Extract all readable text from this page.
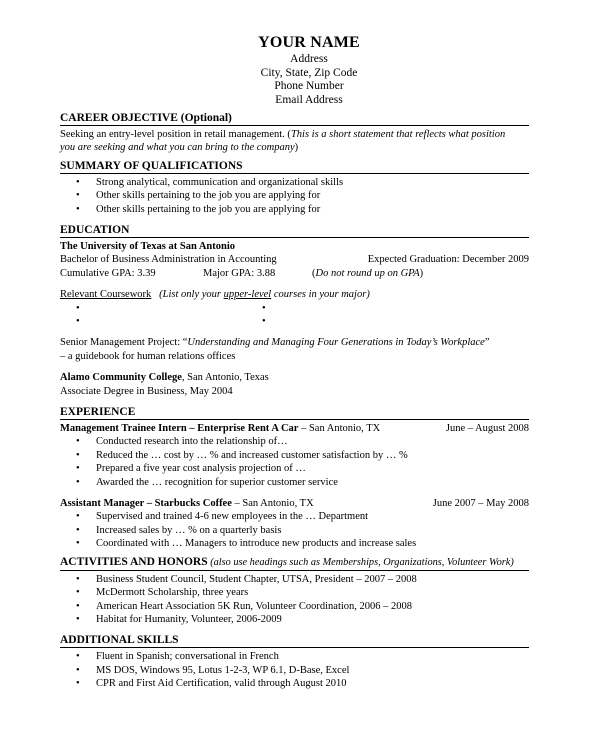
YOUR NAME
Address
City, State, Zip Code
Phone Number
Email Address
CAREER OBJECTIVE (Optional)
Seeking an entry-level position in retail management. (This is a short statement that reflects what position
you are seeking and what you can bring to the company)
SUMMARY OF QUALIFICATIONS
• Strong analytical, communication and organizational skills
• Other skills pertaining to the job you are applying for
• Other skills pertaining to the job you are applying for
EDUCATION
The University of Texas at San Antonio
Bachelor of Business Administration in Accounting	Expected Graduation: December 2009
Cumulative GPA: 3.39	Major GPA: 3.88	(Do not round up on GPA)
Relevant Coursework (List only your upper-level courses in your major)
•	•
•	•
Senior Management Project: “Understanding and Managing Four Generations in Today’s Workplace”
– a guidebook for human relations offices
Alamo Community College, San Antonio, Texas
Associate Degree in Business, May 2004
EXPERIENCE
Management Trainee Intern – Enterprise Rent A Car – San Antonio, TX	June – August 2008
• Conducted research into the relationship of…
• Reduced the … cost by … % and increased customer satisfaction by … %
• Prepared a five year cost analysis projection of …
• Awarded the … recognition for superior customer service
Assistant Manager – Starbucks Coffee – San Antonio, TX	June 2007 – May 2008
• Supervised and trained 4-6 new employees in the … Department
• Increased sales by … % on a quarterly basis
• Coordinated with … Managers to introduce new products and increase sales
ACTIVITIES AND HONORS (also use headings such as Memberships, Organizations, Volunteer Work)
• Business Student Council, Student Chapter, UTSA, President – 2007 – 2008
• McDermott Scholarship, three years
• American Heart Association 5K Run, Volunteer Coordination, 2006 – 2008
• Habitat for Humanity, Volunteer, 2006-2009
ADDITIONAL SKILLS
• Fluent in Spanish; conversational in French
• MS DOS, Windows 95, Lotus 1-2-3, WP 6.1, D-Base, Excel
• CPR and First Aid Certification, valid through August 2010
